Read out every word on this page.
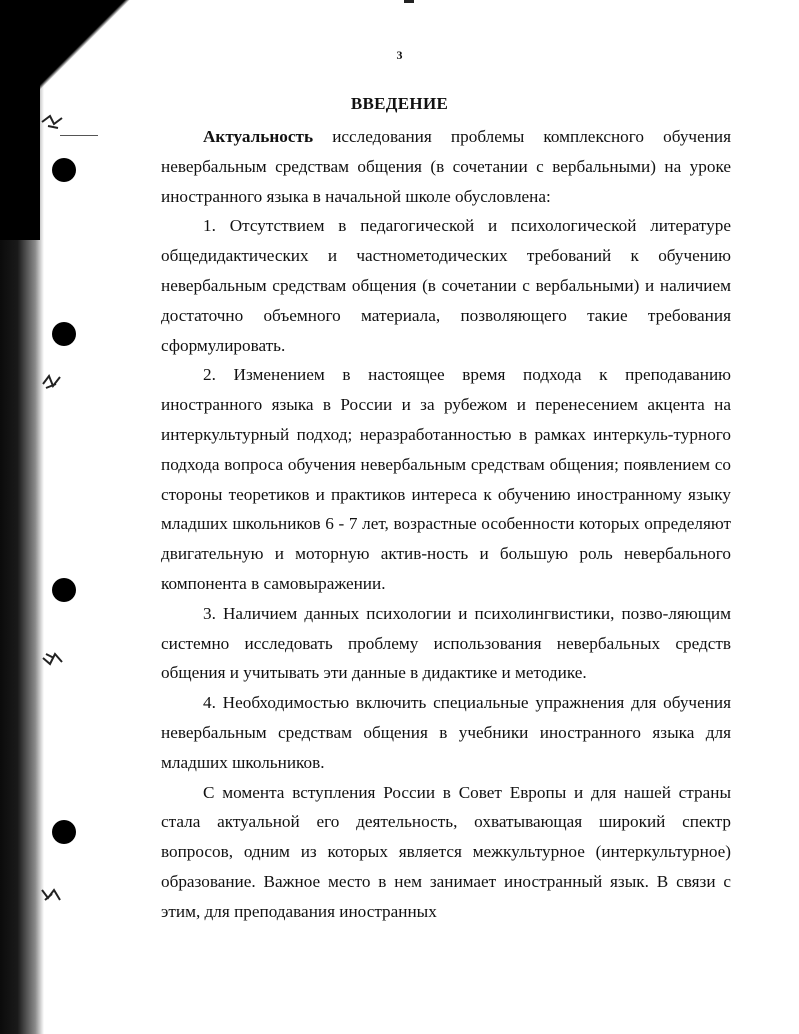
3
ВВЕДЕНИЕ

Актуальность исследования проблемы комплексного обучения невербальным средствам общения (в сочетании с вербальными) на уроке иностранного языка в начальной школе обусловлена:

1. Отсутствием в педагогической и психологической литературе общедидактических и частнометодических требований к обучению невербальным средствам общения (в сочетании с вербальными) и наличием достаточно объемного материала, позволяющего такие требования сформулировать.

2. Изменением в настоящее время подхода к преподаванию иностранного языка в России и за рубежом и перенесением акцента на интеркультурный подход; неразработанностью в рамках интеркуль-турного подхода вопроса обучения невербальным средствам общения; появлением со стороны теоретиков и практиков интереса к обучению иностранному языку младших школьников 6 - 7 лет, возрастные особенности которых определяют двигательную и моторную актив-ность и большую роль невербального компонента в самовыражении.

3. Наличием данных психологии и психолингвистики, позво-ляющим системно исследовать проблему использования невербальных средств общения и учитывать эти данные в дидактике и методике.

4. Необходимостью включить специальные упражнения для обучения невербальным средствам общения в учебники иностранного языка для младших школьников.

С момента вступления России в Совет Европы и для нашей страны стала актуальной его деятельность, охватывающая широкий спектр вопросов, одним из которых является межкультурное (интеркультурное) образование. Важное место в нем занимает иностранный язык. В связи с этим, для преподавания иностранных
